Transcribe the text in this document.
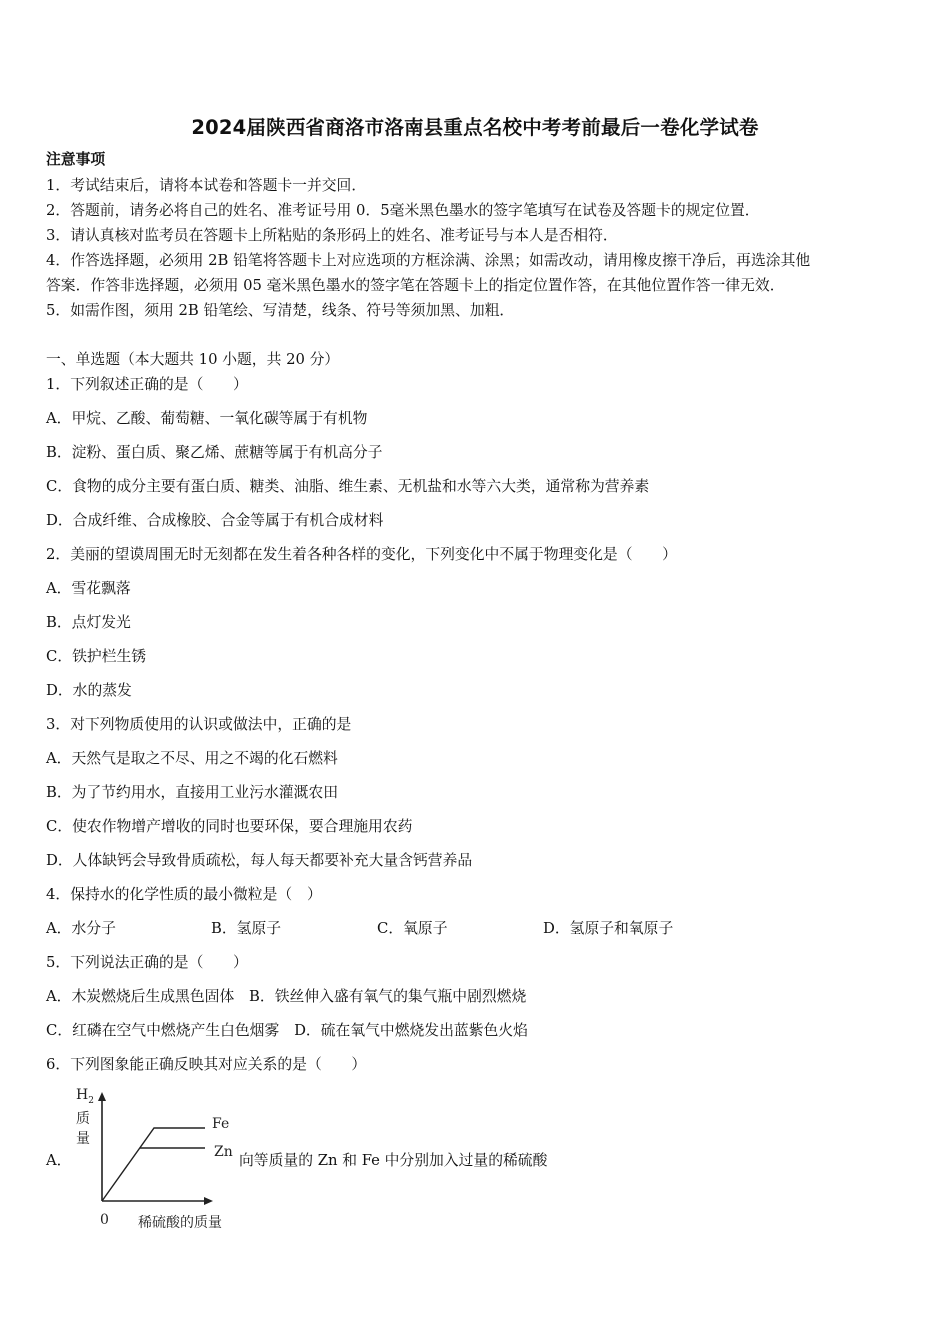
2024届陕西省商洛市洛南县重点名校中考考前最后一卷化学试卷
注意事项
1．考试结束后，请将本试卷和答题卡一并交回．
2．答题前，请务必将自己的姓名、准考证号用 0．5毫米黑色墨水的签字笔填写在试卷及答题卡的规定位置．
3．请认真核对监考员在答题卡上所粘贴的条形码上的姓名、准考证号与本人是否相符．
4．作答选择题，必须用 2B 铅笔将答题卡上对应选项的方框涂满、涂黑；如需改动，请用橡皮擦干净后，再选涂其他
答案．作答非选择题，必须用 05 毫米黑色墨水的签字笔在答题卡上的指定位置作答，在其他位置作答一律无效．
5．如需作图，须用 2B 铅笔绘、写清楚，线条、符号等须加黑、加粗．
一、单选题（本大题共 10 小题，共 20 分）
1．下列叙述正确的是（　　）
A．甲烷、乙酸、葡萄糖、一氧化碳等属于有机物
B．淀粉、蛋白质、聚乙烯、蔗糖等属于有机高分子
C．食物的成分主要有蛋白质、糖类、油脂、维生素、无机盐和水等六大类，通常称为营养素
D．合成纤维、合成橡胶、合金等属于有机合成材料
2．美丽的望谟周围无时无刻都在发生着各种各样的变化，下列变化中不属于物理变化是（　　）
A．雪花飘落
B．点灯发光
C．铁护栏生锈
D．水的蒸发
3．对下列物质使用的认识或做法中，正确的是
A．天然气是取之不尽、用之不竭的化石燃料
B．为了节约用水，直接用工业污水灌溉农田
C．使农作物增产增收的同时也要环保，要合理施用农药
D．人体缺钙会导致骨质疏松，每人每天都要补充大量含钙营养品
4．保持水的化学性质的最小微粒是（　）
A．水分子	B．氢原子	C．氧原子	D．氢原子和氧原子
5．下列说法正确的是（　　）
A．木炭燃烧后生成黑色固体　B．铁丝伸入盛有氧气的集气瓶中剧烈燃烧
C．红磷在空气中燃烧产生白色烟雾　D．硫在氧气中燃烧发出蓝紫色火焰
6．下列图象能正确反映其对应关系的是（　　）
A．
$H_2$
质
量
Fe
Zn
0 稀硫酸的质量
向等质量的 Zn 和 Fe 中分别加入过量的稀硫酸
